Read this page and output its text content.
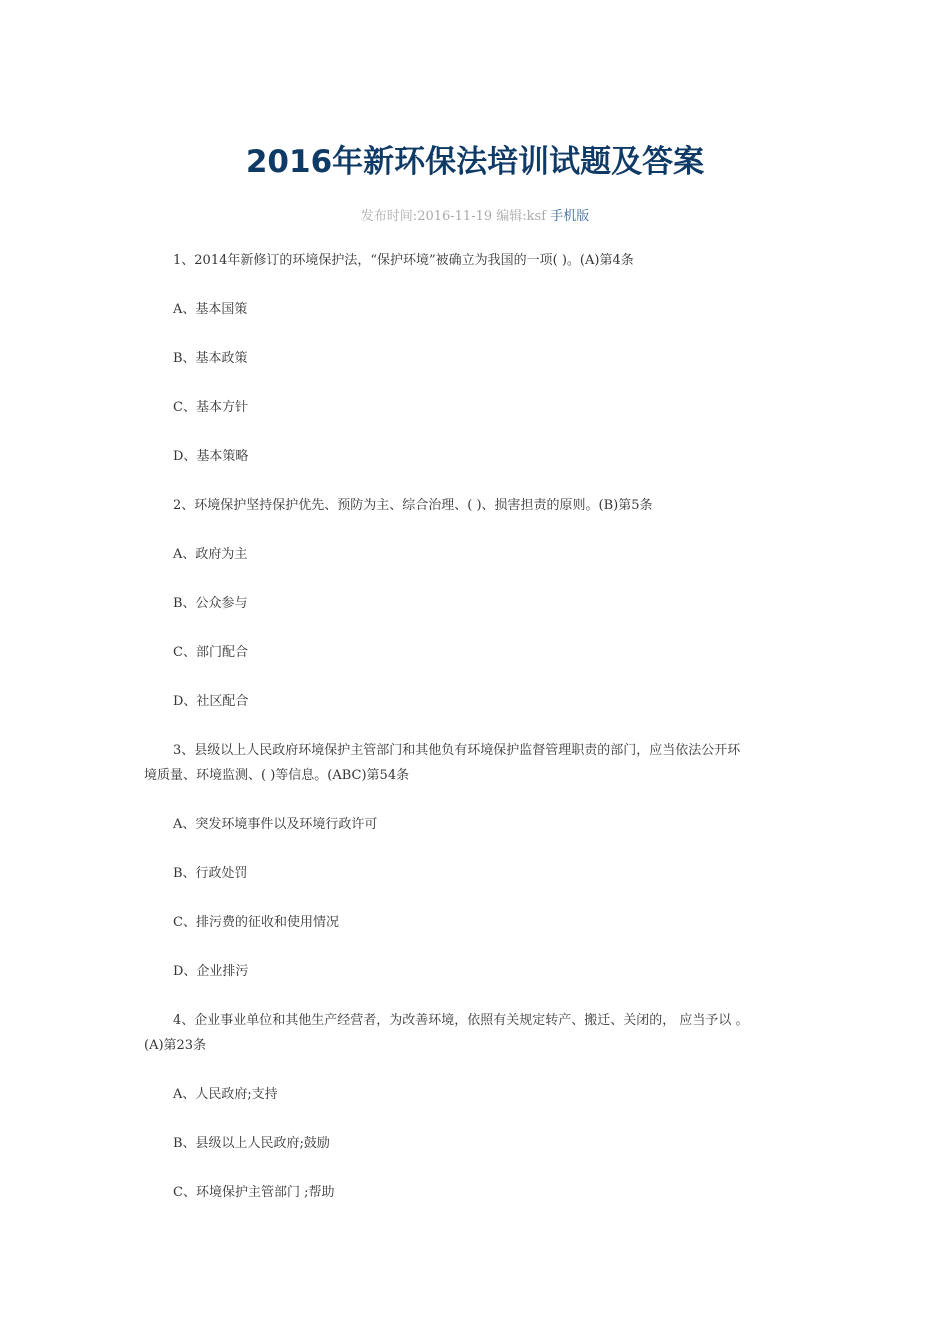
2016年新环保法培训试题及答案
发布时间:2016-11-19 编辑:ksf 手机版
1、2014年新修订的环境保护法，“保护环境”被确立为我国的一项( )。(A)第4条
A、基本国策
B、基本政策
C、基本方针
D、基本策略
2、环境保护坚持保护优先、预防为主、综合治理、( )、损害担责的原则。(B)第5条
A、政府为主
B、公众参与
C、部门配合
D、社区配合
3、县级以上人民政府环境保护主管部门和其他负有环境保护监督管理职责的部门，应当依法公开环
境质量、环境监测、( )等信息。(ABC)第54条
A、突发环境事件以及环境行政许可
B、行政处罚
C、排污费的征收和使用情况
D、企业排污
4、企业事业单位和其他生产经营者，为改善环境，依照有关规定转产、搬迁、关闭的， 应当予以 。
(A)第23条
A、人民政府;支持
B、县级以上人民政府;鼓励
C、环境保护主管部门 ;帮助
